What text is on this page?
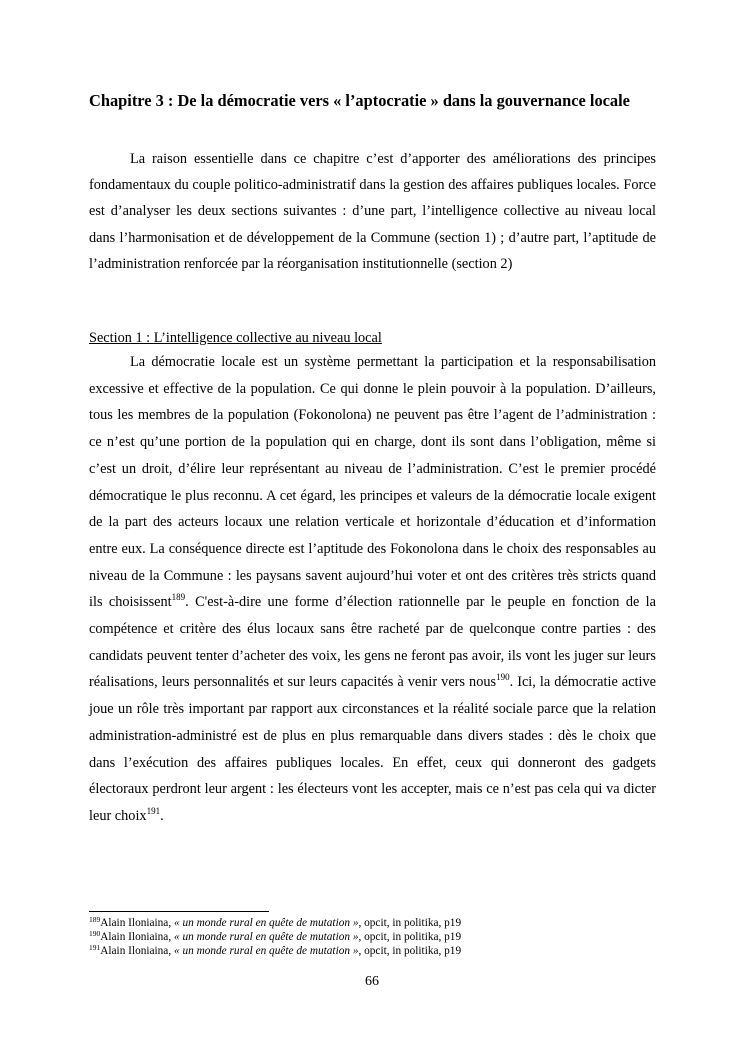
Chapitre 3 : De la démocratie vers « l’aptocratie » dans la gouvernance locale
La raison essentielle dans ce chapitre c’est d’apporter des améliorations des principes fondamentaux du couple politico-administratif dans la gestion des affaires publiques locales. Force est d’analyser les deux sections suivantes : d’une part, l’intelligence collective au niveau local dans l’harmonisation et de développement de la Commune (section 1) ; d’autre part, l’aptitude de l’administration renforcée par la réorganisation institutionnelle (section 2)
Section 1 : L’intelligence collective au niveau local
La démocratie locale est un système permettant la participation et la responsabilisation excessive et effective de la population. Ce qui donne le plein pouvoir à la population. D’ailleurs, tous les membres de la population (Fokonolona) ne peuvent pas être l’agent de l’administration : ce n’est qu’une portion de la population qui en charge, dont ils sont dans l’obligation, même si c’est un droit, d’élire leur représentant au niveau de l’administration. C’est le premier procédé démocratique le plus reconnu. A cet égard, les principes et valeurs de la démocratie locale exigent de la part des acteurs locaux une relation verticale et horizontale d’éducation et d’information entre eux. La conséquence directe est l’aptitude des Fokonolona dans le choix des responsables au niveau de la Commune : les paysans savent aujourd’hui voter et ont des critères très stricts quand ils choisissent$^{189}$. C'est-à-dire une forme d’élection rationnelle par le peuple en fonction de la compétence et critère des élus locaux sans être racheté par de quelconque contre parties : des candidats peuvent tenter d’acheter des voix, les gens ne feront pas avoir, ils vont les juger sur leurs réalisations, leurs personnalités et sur leurs capacités à venir vers nous$^{190}$. Ici, la démocratie active joue un rôle très important par rapport aux circonstances et la réalité sociale parce que la relation administration-administré est de plus en plus remarquable dans divers stades : dès le choix que dans l’exécution des affaires publiques locales. En effet, ceux qui donneront des gadgets électoraux perdront leur argent : les électeurs vont les accepter, mais ce n’est pas cela qui va dicter leur choix$^{191}$.
$^{189}$Alain Iloniaina, « un monde rural en quête de mutation », opcit, in politika, p19
$^{190}$Alain Iloniaina, « un monde rural en quête de mutation », opcit, in politika, p19
$^{191}$Alain Iloniaina, « un monde rural en quête de mutation », opcit, in politika, p19
66
